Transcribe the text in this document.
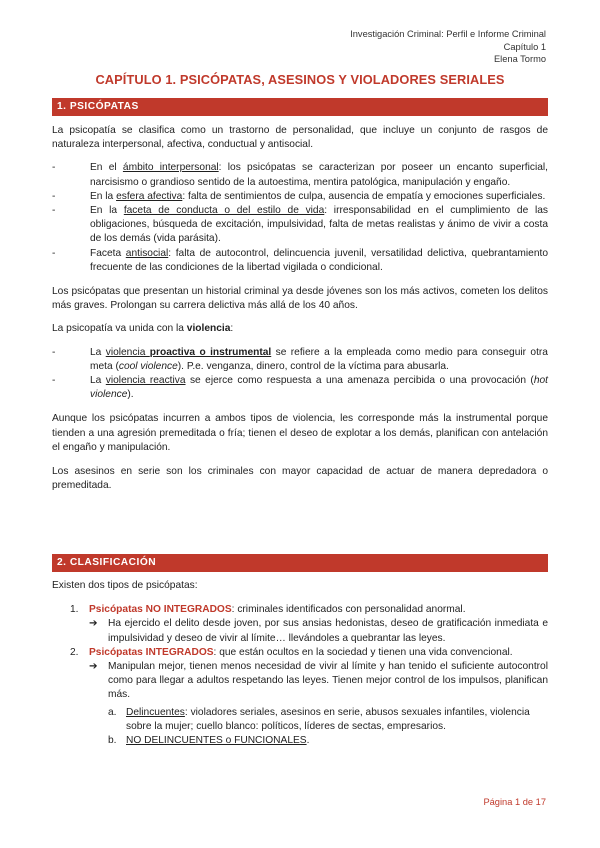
Investigación Criminal: Perfil e Informe Criminal
Capítulo 1
Elena Tormo
CAPÍTULO 1. PSICÓPATAS, ASESINOS Y VIOLADORES SERIALES
1. PSICÓPATAS

La psicopatía se clasifica como un trastorno de personalidad, que incluye un conjunto de rasgos de naturaleza interpersonal, afectiva, conductual y antisocial.

-	En el ámbito interpersonal: los psicópatas se caracterizan por poseer un encanto superficial, narcisismo o grandioso sentido de la autoestima, mentira patológica, manipulación y engaño.
-	En la esfera afectiva: falta de sentimientos de culpa, ausencia de empatía y emociones superficiales.
-	En la faceta de conducta o del estilo de vida: irresponsabilidad en el cumplimiento de las obligaciones, búsqueda de excitación, impulsividad, falta de metas realistas y ánimo de vivir a costa de los demás (vida parásita).
-	Faceta antisocial: falta de autocontrol, delincuencia juvenil, versatilidad delictiva, quebrantamiento frecuente de las condiciones de la libertad vigilada o condicional.

Los psicópatas que presentan un historial criminal ya desde jóvenes son los más activos, cometen los delitos más graves. Prolongan su carrera delictiva más allá de los 40 años.

La psicopatía va unida con la violencia:

-	La violencia proactiva o instrumental se refiere a la empleada como medio para conseguir otra meta (cool violence). P.e. venganza, dinero, control de la víctima para abusarla.
-	La violencia reactiva se ejerce como respuesta a una amenaza percibida o una provocación (hot violence).

Aunque los psicópatas incurren a ambos tipos de violencia, les corresponde más la instrumental porque tienden a una agresión premeditada o fría; tienen el deseo de explotar a los demás, planifican con antelación el engaño y manipulación.

Los asesinos en serie son los criminales con mayor capacidad de actuar de manera depredadora o premeditada.

2. CLASIFICACIÓN

Existen dos tipos de psicópatas:

1. Psicópatas NO INTEGRADOS: criminales identificados con personalidad anormal.
➔ Ha ejercido el delito desde joven, por sus ansias hedonistas, deseo de gratificación inmediata e impulsividad y deseo de vivir al límite… llevándoles a quebrantar las leyes.
2. Psicópatas INTEGRADOS: que están ocultos en la sociedad y tienen una vida convencional.
➔ Manipulan mejor, tienen menos necesidad de vivir al límite y han tenido el suficiente autocontrol como para llegar a adultos respetando las leyes. Tienen mejor control de los impulsos, planifican más.
a. Delincuentes: violadores seriales, asesinos en serie, abusos sexuales infantiles, violencia sobre la mujer; cuello blanco: políticos, líderes de sectas, empresarios.
b. NO DELINCUENTES o FUNCIONALES.
Página 1 de 17
